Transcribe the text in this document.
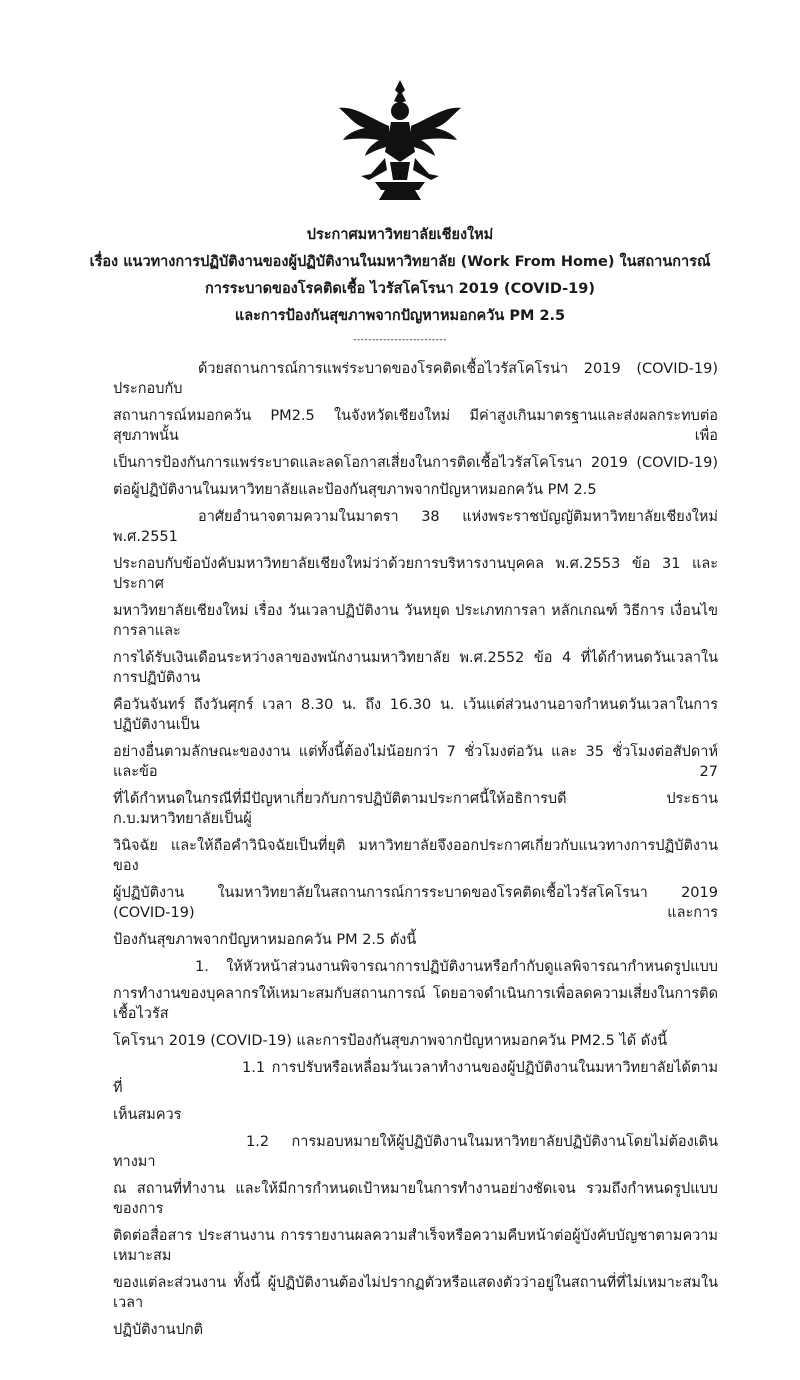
ประกาศมหาวิทยาลัยเชียงใหม่
เรื่อง แนวทางการปฏิบัติงานของผู้ปฏิบัติงานในมหาวิทยาลัย (Work From Home) ในสถานการณ์
การระบาดของโรคติดเชื้อ ไวรัสโคโรนา 2019 (COVID-19)
และการป้องกันสุขภาพจากปัญหาหมอกควัน PM 2.5
-------------------------
ด้วยสถานการณ์การแพร่ระบาดของโรคติดเชื้อไวรัสโคโรน่า 2019 (COVID-19) ประกอบกับ
สถานการณ์หมอกควัน PM2.5 ในจังหวัดเชียงใหม่ มีค่าสูงเกินมาตรฐานและส่งผลกระทบต่อสุขภาพนั้น เพื่อ
เป็นการป้องกันการแพร่ระบาดและลดโอกาสเสี่ยงในการติดเชื้อไวรัสโคโรนา 2019 (COVID-19)
ต่อผู้ปฏิบัติงานในมหาวิทยาลัยและป้องกันสุขภาพจากปัญหาหมอกควัน PM 2.5
อาศัยอำนาจตามความในมาตรา 38 แห่งพระราชบัญญัติมหาวิทยาลัยเชียงใหม่ พ.ศ.2551
ประกอบกับข้อบังคับมหาวิทยาลัยเชียงใหม่ว่าด้วยการบริหารงานบุคคล พ.ศ.2553 ข้อ 31 และประกาศ
มหาวิทยาลัยเชียงใหม่ เรื่อง วันเวลาปฏิบัติงาน วันหยุด ประเภทการลา หลักเกณฑ์ วิธีการ เงื่อนไขการลาและ
การได้รับเงินเดือนระหว่างลาของพนักงานมหาวิทยาลัย พ.ศ.2552 ข้อ 4 ที่ได้กำหนดวันเวลาในการปฏิบัติงาน
คือวันจันทร์ ถึงวันศุกร์ เวลา 8.30 น. ถึง 16.30 น. เว้นแต่ส่วนงานอาจกำหนดวันเวลาในการปฏิบัติงานเป็น
อย่างอื่นตามลักษณะของงาน แต่ทั้งนี้ต้องไม่น้อยกว่า 7 ชั่วโมงต่อวัน และ 35 ชั่วโมงต่อสัปดาห์ และข้อ 27
ที่ได้กำหนดในกรณีที่มีปัญหาเกี่ยวกับการปฏิบัติตามประกาศนี้ให้อธิการบดี ประธาน ก.บ.มหาวิทยาลัยเป็นผู้
วินิจฉัย และให้ถือคำวินิจฉัยเป็นที่ยุติ มหาวิทยาลัยจึงออกประกาศเกี่ยวกับแนวทางการปฏิบัติงานของ
ผู้ปฏิบัติงาน ในมหาวิทยาลัยในสถานการณ์การระบาดของโรคติดเชื้อไวรัสโคโรนา 2019 (COVID-19) และการ
ป้องกันสุขภาพจากปัญหาหมอกควัน PM 2.5 ดังนี้
1. ให้หัวหน้าส่วนงานพิจารณาการปฏิบัติงานหรือกำกับดูแลพิจารณากำหนดรูปแบบ
การทำงานของบุคลากรให้เหมาะสมกับสถานการณ์ โดยอาจดำเนินการเพื่อลดความเสี่ยงในการติดเชื้อไวรัส
โคโรนา 2019 (COVID-19) และการป้องกันสุขภาพจากปัญหาหมอกควัน PM2.5 ได้ ดังนี้
1.1 การปรับหรือเหลื่อมวันเวลาทำงานของผู้ปฏิบัติงานในมหาวิทยาลัยได้ตามที่
เห็นสมควร
1.2 การมอบหมายให้ผู้ปฏิบัติงานในมหาวิทยาลัยปฏิบัติงานโดยไม่ต้องเดินทางมา
ณ สถานที่ทำงาน และให้มีการกำหนดเป้าหมายในการทำงานอย่างชัดเจน รวมถึงกำหนดรูปแบบของการ
ติดต่อสื่อสาร ประสานงาน การรายงานผลความสำเร็จหรือความคืบหน้าต่อผู้บังคับบัญชาตามความเหมาะสม
ของแต่ละส่วนงาน ทั้งนี้ ผู้ปฏิบัติงานต้องไม่ปรากฏตัวหรือแสดงตัวว่าอยู่ในสถานที่ที่ไม่เหมาะสมในเวลา
ปฏิบัติงานปกติ
